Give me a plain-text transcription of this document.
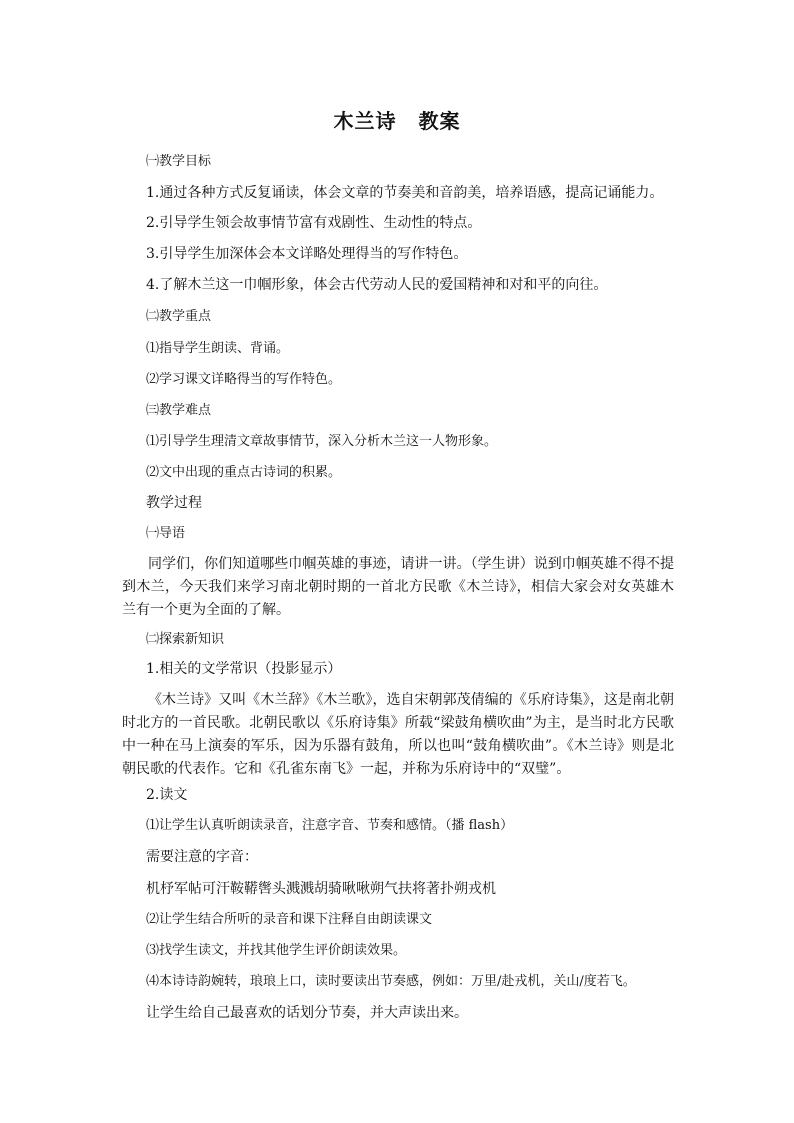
木兰诗 教案
㈠教学目标
1.通过各种方式反复诵读，体会文章的节奏美和音韵美，培养语感，提高记诵能力。
2.引导学生领会故事情节富有戏剧性、生动性的特点。
3.引导学生加深体会本文详略处理得当的写作特色。
4.了解木兰这一巾帼形象，体会古代劳动人民的爱国精神和对和平的向往。
㈡教学重点
⑴指导学生朗读、背诵。
⑵学习课文详略得当的写作特色。
㈢教学难点
⑴引导学生理清文章故事情节，深入分析木兰这一人物形象。
⑵文中出现的重点古诗词的积累。
教学过程
㈠导语
同学们，你们知道哪些巾帼英雄的事迹，请讲一讲。（学生讲）说到巾帼英雄不得不提到木兰，今天我们来学习南北朝时期的一首北方民歌《木兰诗》，相信大家会对女英雄木兰有一个更为全面的了解。
㈡探索新知识
1.相关的文学常识（投影显示）
《木兰诗》又叫《木兰辞》《木兰歌》，选自宋朝郭茂倩编的《乐府诗集》，这是南北朝时北方的一首民歌。北朝民歌以《乐府诗集》所载“梁鼓角横吹曲”为主，是当时北方民歌中一种在马上演奏的军乐，因为乐器有鼓角，所以也叫“鼓角横吹曲”。《木兰诗》则是北朝民歌的代表作。它和《孔雀东南飞》一起，并称为乐府诗中的“双璧”。
2.读文
⑴让学生认真听朗读录音，注意字音、节奏和感情。（播 flash）
需要注意的字音：
机杼军帖可汗鞍鞯辔头溅溅胡骑啾啾朔气扶将著扑朔戎机
⑵让学生结合所听的录音和课下注释自由朗读课文
⑶找学生读文，并找其他学生评价朗读效果。
⑷本诗诗韵婉转，琅琅上口，读时要读出节奏感，例如：万里/赴戎机，关山/度若飞。
让学生给自己最喜欢的话划分节奏，并大声读出来。
